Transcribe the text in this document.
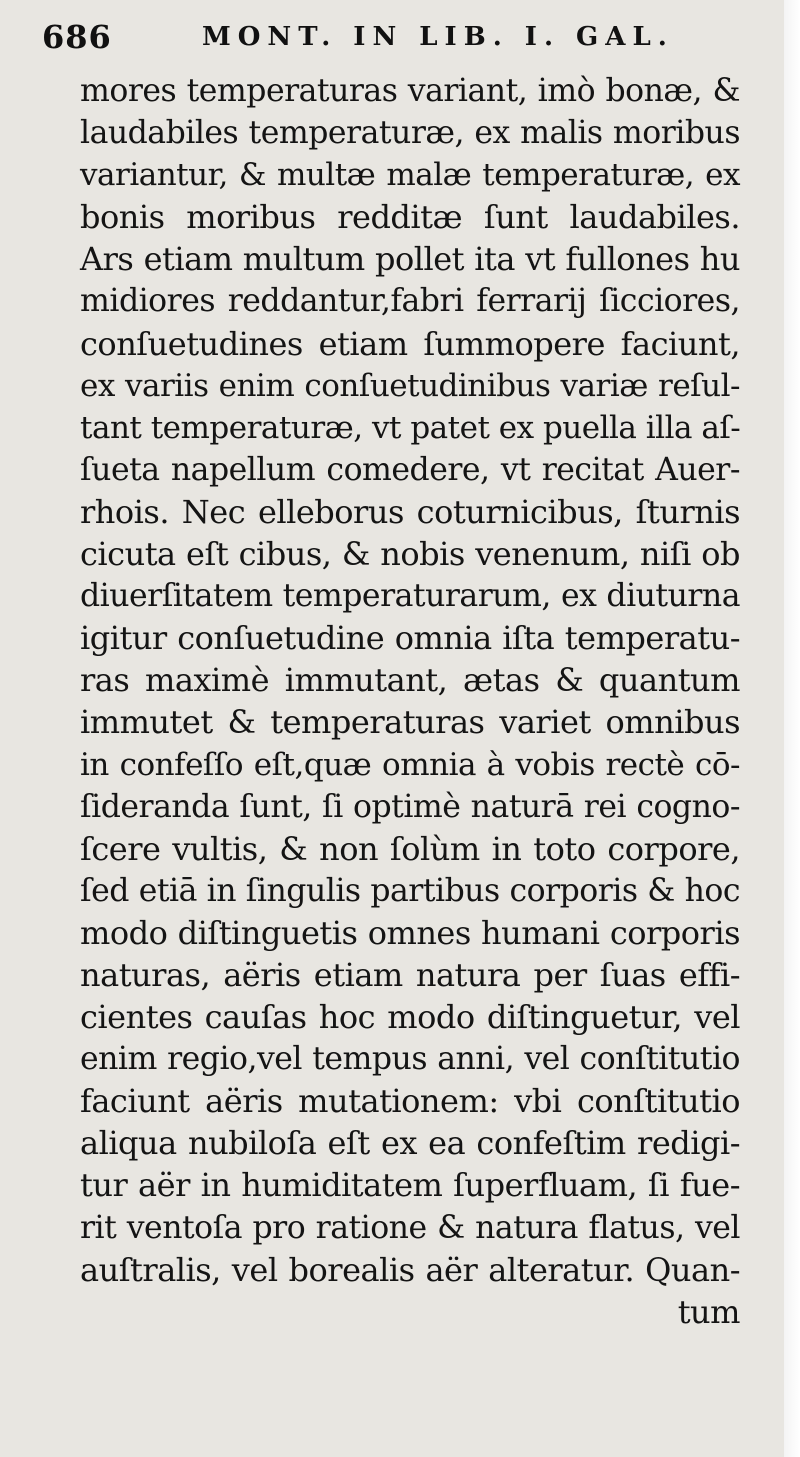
686	MONT. IN LIB. I. GAL.
mores temperaturas variant, imò bonæ, &
laudabiles temperaturæ, ex malis moribus
variantur, & multæ malæ temperaturæ, ex
bonis moribus redditæ ſunt laudabiles.
Ars etiam multum pollet ita vt fullones hu
midiores reddantur,fabri ferrarij ſicciores,
conſuetudines etiam ſummopere faciunt,
ex variis enim conſuetudinibus variæ reſul-
tant temperaturæ, vt patet ex puella illa aſ-
ſueta napellum comedere, vt recitat Auer-
rhois. Nec elleborus coturnicibus, ſturnis
cicuta eſt cibus, & nobis venenum, niſi ob
diuerſitatem temperaturarum, ex diuturna
igitur conſuetudine omnia iſta temperatu-
ras maximè immutant, ætas & quantum
immutet & temperaturas variet omnibus
in confeſſo eſt,quæ omnia à vobis rectè cō-
ſideranda ſunt, ſi optimè naturā rei cogno-
ſcere vultis, & non ſolùm in toto corpore,
ſed etiā in ſingulis partibus corporis & hoc
modo diſtinguetis omnes humani corporis
naturas, aëris etiam natura per ſuas effi-
cientes cauſas hoc modo diſtinguetur, vel
enim regio,vel tempus anni, vel conſtitutio
faciunt aëris mutationem: vbi conſtitutio
aliqua nubiloſa eſt ex ea confeſtim redigi-
tur aër in humiditatem ſuperfluam, ſi fue-
rit ventoſa pro ratione & natura flatus, vel
auſtralis, vel borealis aër alteratur. Quan-
tum
